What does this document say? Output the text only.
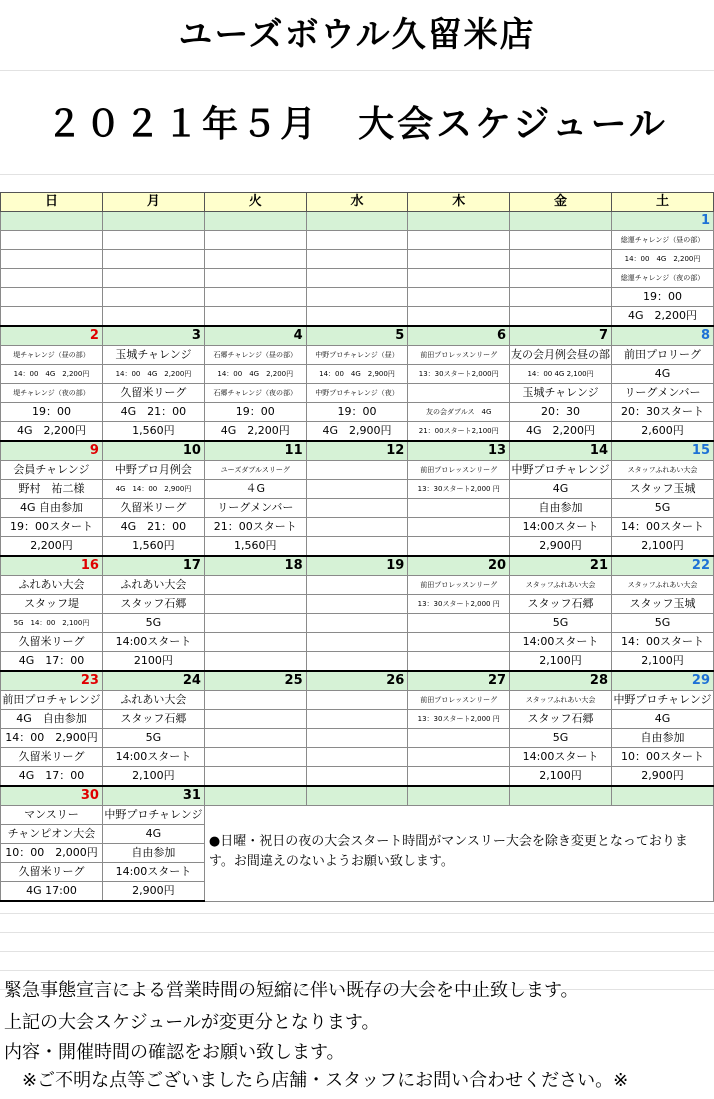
ユーズボウル久留米店
２０２１年５月　大会スケジュール
日	月	火	水	木	金	土
						1
						総運チャレンジ（昼の部）
						14：00　4G　2,200円
						総運チャレンジ（夜の部）
						19：00
						4G　2,200円
2	3	4	5	6	7	8
堤チャレンジ（昼の部）	玉城チャレンジ	石郷チャレンジ（昼の部）	中野プロチャレンジ（昼）	前田プロレッスンリーグ	友の会月例会昼の部	前田プロリーグ
14：00　4G　2,200円	14：00　4G　2,200円	14：00　4G　2,200円	14：00　4G　2,900円	13：30スタート2,000円	14：00 4G 2,100円	4G
堤チャレンジ（夜の部）	久留米リーグ	石郷チャレンジ（夜の部）	中野プロチャレンジ（夜）		玉城チャレンジ	リーグメンバー
19：00	4G　21：00	19：00	19：00	友の会ダブルス　4G	20：30	20：30スタート
4G　2,200円	1,560円	4G　2,200円	4G　2,900円	21：00スタート2,100円	4G　2,200円	2,600円
9	10	11	12	13	14	15
会員チャレンジ	中野プロ月例会	ユーズダブルスリーグ		前田プロレッスンリーグ	中野プロチャレンジ	スタッフふれあい大会
野村　祐二様	4G　14：00　2,900円	４G		13：30スタート2,000 円	4G	スタッフ玉城
4G 自由参加	久留米リーグ	リーグメンバー			自由参加	5G
19：00スタート	4G　21：00	21：00スタート			14:00スタート	14：00スタート
2,200円	1,560円	1,560円			2,900円	2,100円
16	17	18	19	20	21	22
ふれあい大会	ふれあい大会			前田プロレッスンリーグ	スタッフふれあい大会	スタッフふれあい大会
スタッフ堤	スタッフ石郷			13：30スタート2,000 円	スタッフ石郷	スタッフ玉城
5G　14：00　2,100円	5G				5G	5G
久留米リーグ	14:00スタート				14:00スタート	14：00スタート
4G　17：00	2100円				2,100円	2,100円
23	24	25	26	27	28	29
前田プロチャレンジ	ふれあい大会			前田プロレッスンリーグ	スタッフふれあい大会	中野プロチャレンジ
4G　自由参加	スタッフ石郷			13：30スタート2,000 円	スタッフ石郷	4G
14：00　2,900円	5G				5G	自由参加
久留米リーグ	14:00スタート				14:00スタート	10：00スタート
4G　17：00	2,100円				2,100円	2,900円
30	31					
マンスリー	中野プロチャレンジ	●日曜・祝日の夜の大会スタート時間がマンスリー大会を除き変更となっております。お間違えのないようお願い致します。				
チャンピオン大会	4G					
10：00　2,000円	自由参加					
久留米リーグ	14:00スタート					
4G 17:00	2,900円					
緊急事態宣言による営業時間の短縮に伴い既存の大会を中止致します。
上記の大会スケジュールが変更分となります。
内容・開催時間の確認をお願い致します。
※ご不明な点等ございましたら店舗・スタッフにお問い合わせください。※
